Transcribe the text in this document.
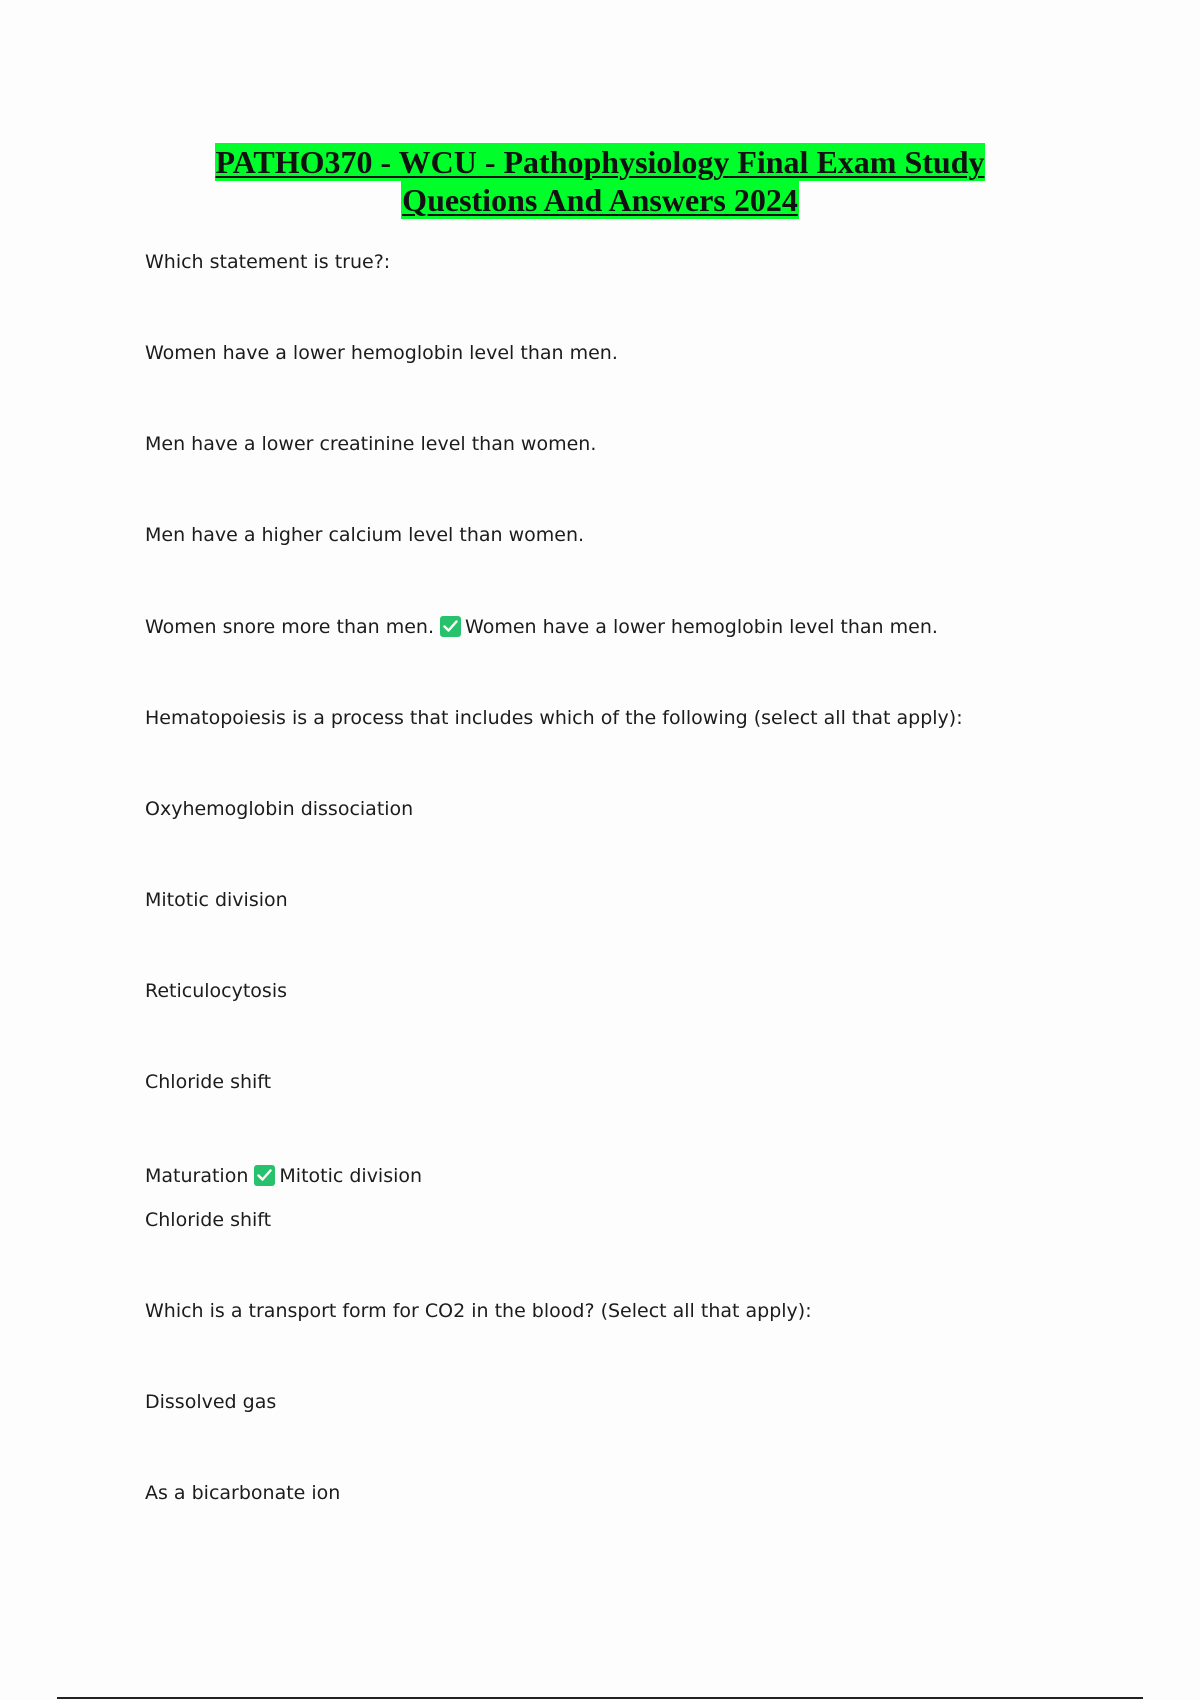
PATHO370 - WCU - Pathophysiology Final Exam Study
Questions And Answers 2024
Which statement is true?:
Women have a lower hemoglobin level than men.
Men have a lower creatinine level than women.
Men have a higher calcium level than women.
Women snore more than men. Women have a lower hemoglobin level than men.
Hematopoiesis is a process that includes which of the following (select all that apply):
Oxyhemoglobin dissociation
Mitotic division
Reticulocytosis
Chloride shift
Maturation Mitotic division
Chloride shift
Which is a transport form for CO2 in the blood? (Select all that apply):
Dissolved gas
As a bicarbonate ion
